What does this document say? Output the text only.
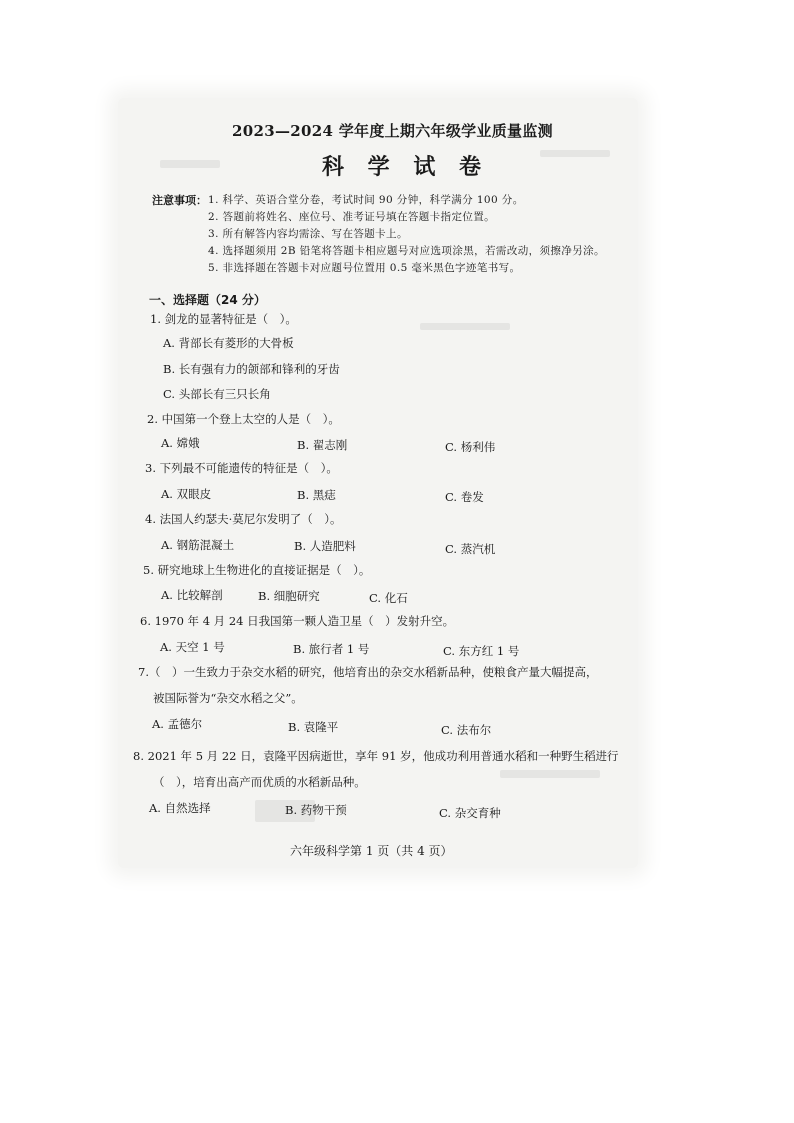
2023—2024 学年度上期六年级学业质量监测
科 学 试 卷
注意事项： 1. 科学、英语合堂分卷，考试时间 90 分钟，科学满分 100 分。
2. 答题前将姓名、座位号、准考证号填在答题卡指定位置。
3. 所有解答内容均需涂、写在答题卡上。
4. 选择题须用 2B 铅笔将答题卡相应题号对应选项涂黑，若需改动，须擦净另涂。
5. 非选择题在答题卡对应题号位置用 0.5 毫米黑色字迹笔书写。
一、选择题（24 分）
1. 剑龙的显著特征是（　）。
A. 背部长有菱形的大骨板
B. 长有强有力的颌部和锋利的牙齿
C. 头部长有三只长角
2. 中国第一个登上太空的人是（　）。
A. 嫦娥	B. 翟志刚	C. 杨利伟
3. 下列最不可能遗传的特征是（　）。
A. 双眼皮	B. 黑痣	C. 卷发
4. 法国人约瑟夫·莫尼尔发明了（　）。
A. 钢筋混凝土	B. 人造肥料	C. 蒸汽机
5. 研究地球上生物进化的直接证据是（　）。
A. 比较解剖	B. 细胞研究	C. 化石
6. 1970 年 4 月 24 日我国第一颗人造卫星（　）发射升空。
A. 天空 1 号	B. 旅行者 1 号	C. 东方红 1 号
7.（　）一生致力于杂交水稻的研究，他培育出的杂交水稻新品种，使粮食产量大幅提高，
被国际誉为“杂交水稻之父”。
A. 孟德尔	B. 袁隆平	C. 法布尔
8. 2021 年 5 月 22 日，袁隆平因病逝世，享年 91 岁，他成功利用普通水稻和一种野生稻进行
（　），培育出高产而优质的水稻新品种。
A. 自然选择	B. 药物干预	C. 杂交育种
六年级科学第 1 页（共 4 页）
